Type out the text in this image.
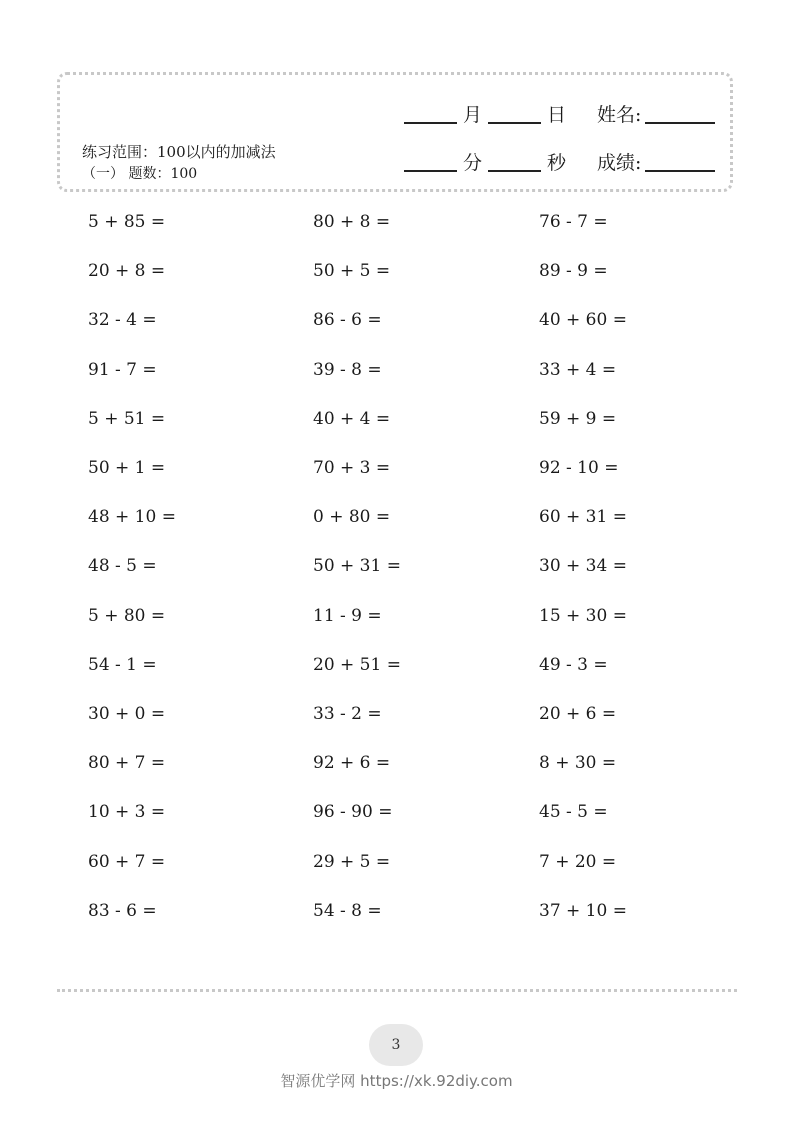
练习范围：100以内的加减法
（一） 题数：100
月	日 姓名:
分	秒 成绩:
5 + 85 =
20 + 8 =
32 - 4 =
91 - 7 =
5 + 51 =
50 + 1 =
48 + 10 =
48 - 5 =
5 + 80 =
54 - 1 =
30 + 0 =
80 + 7 =
10 + 3 =
60 + 7 =
83 - 6 =
80 + 8 =
50 + 5 =
86 - 6 =
39 - 8 =
40 + 4 =
70 + 3 =
0 + 80 =
50 + 31 =
11 - 9 =
20 + 51 =
33 - 2 =
92 + 6 =
96 - 90 =
29 + 5 =
54 - 8 =
76 - 7 =
89 - 9 =
40 + 60 =
33 + 4 =
59 + 9 =
92 - 10 =
60 + 31 =
30 + 34 =
15 + 30 =
49 - 3 =
20 + 6 =
8 + 30 =
45 - 5 =
7 + 20 =
37 + 10 =
3
智源优学网 https://xk.92diy.com
